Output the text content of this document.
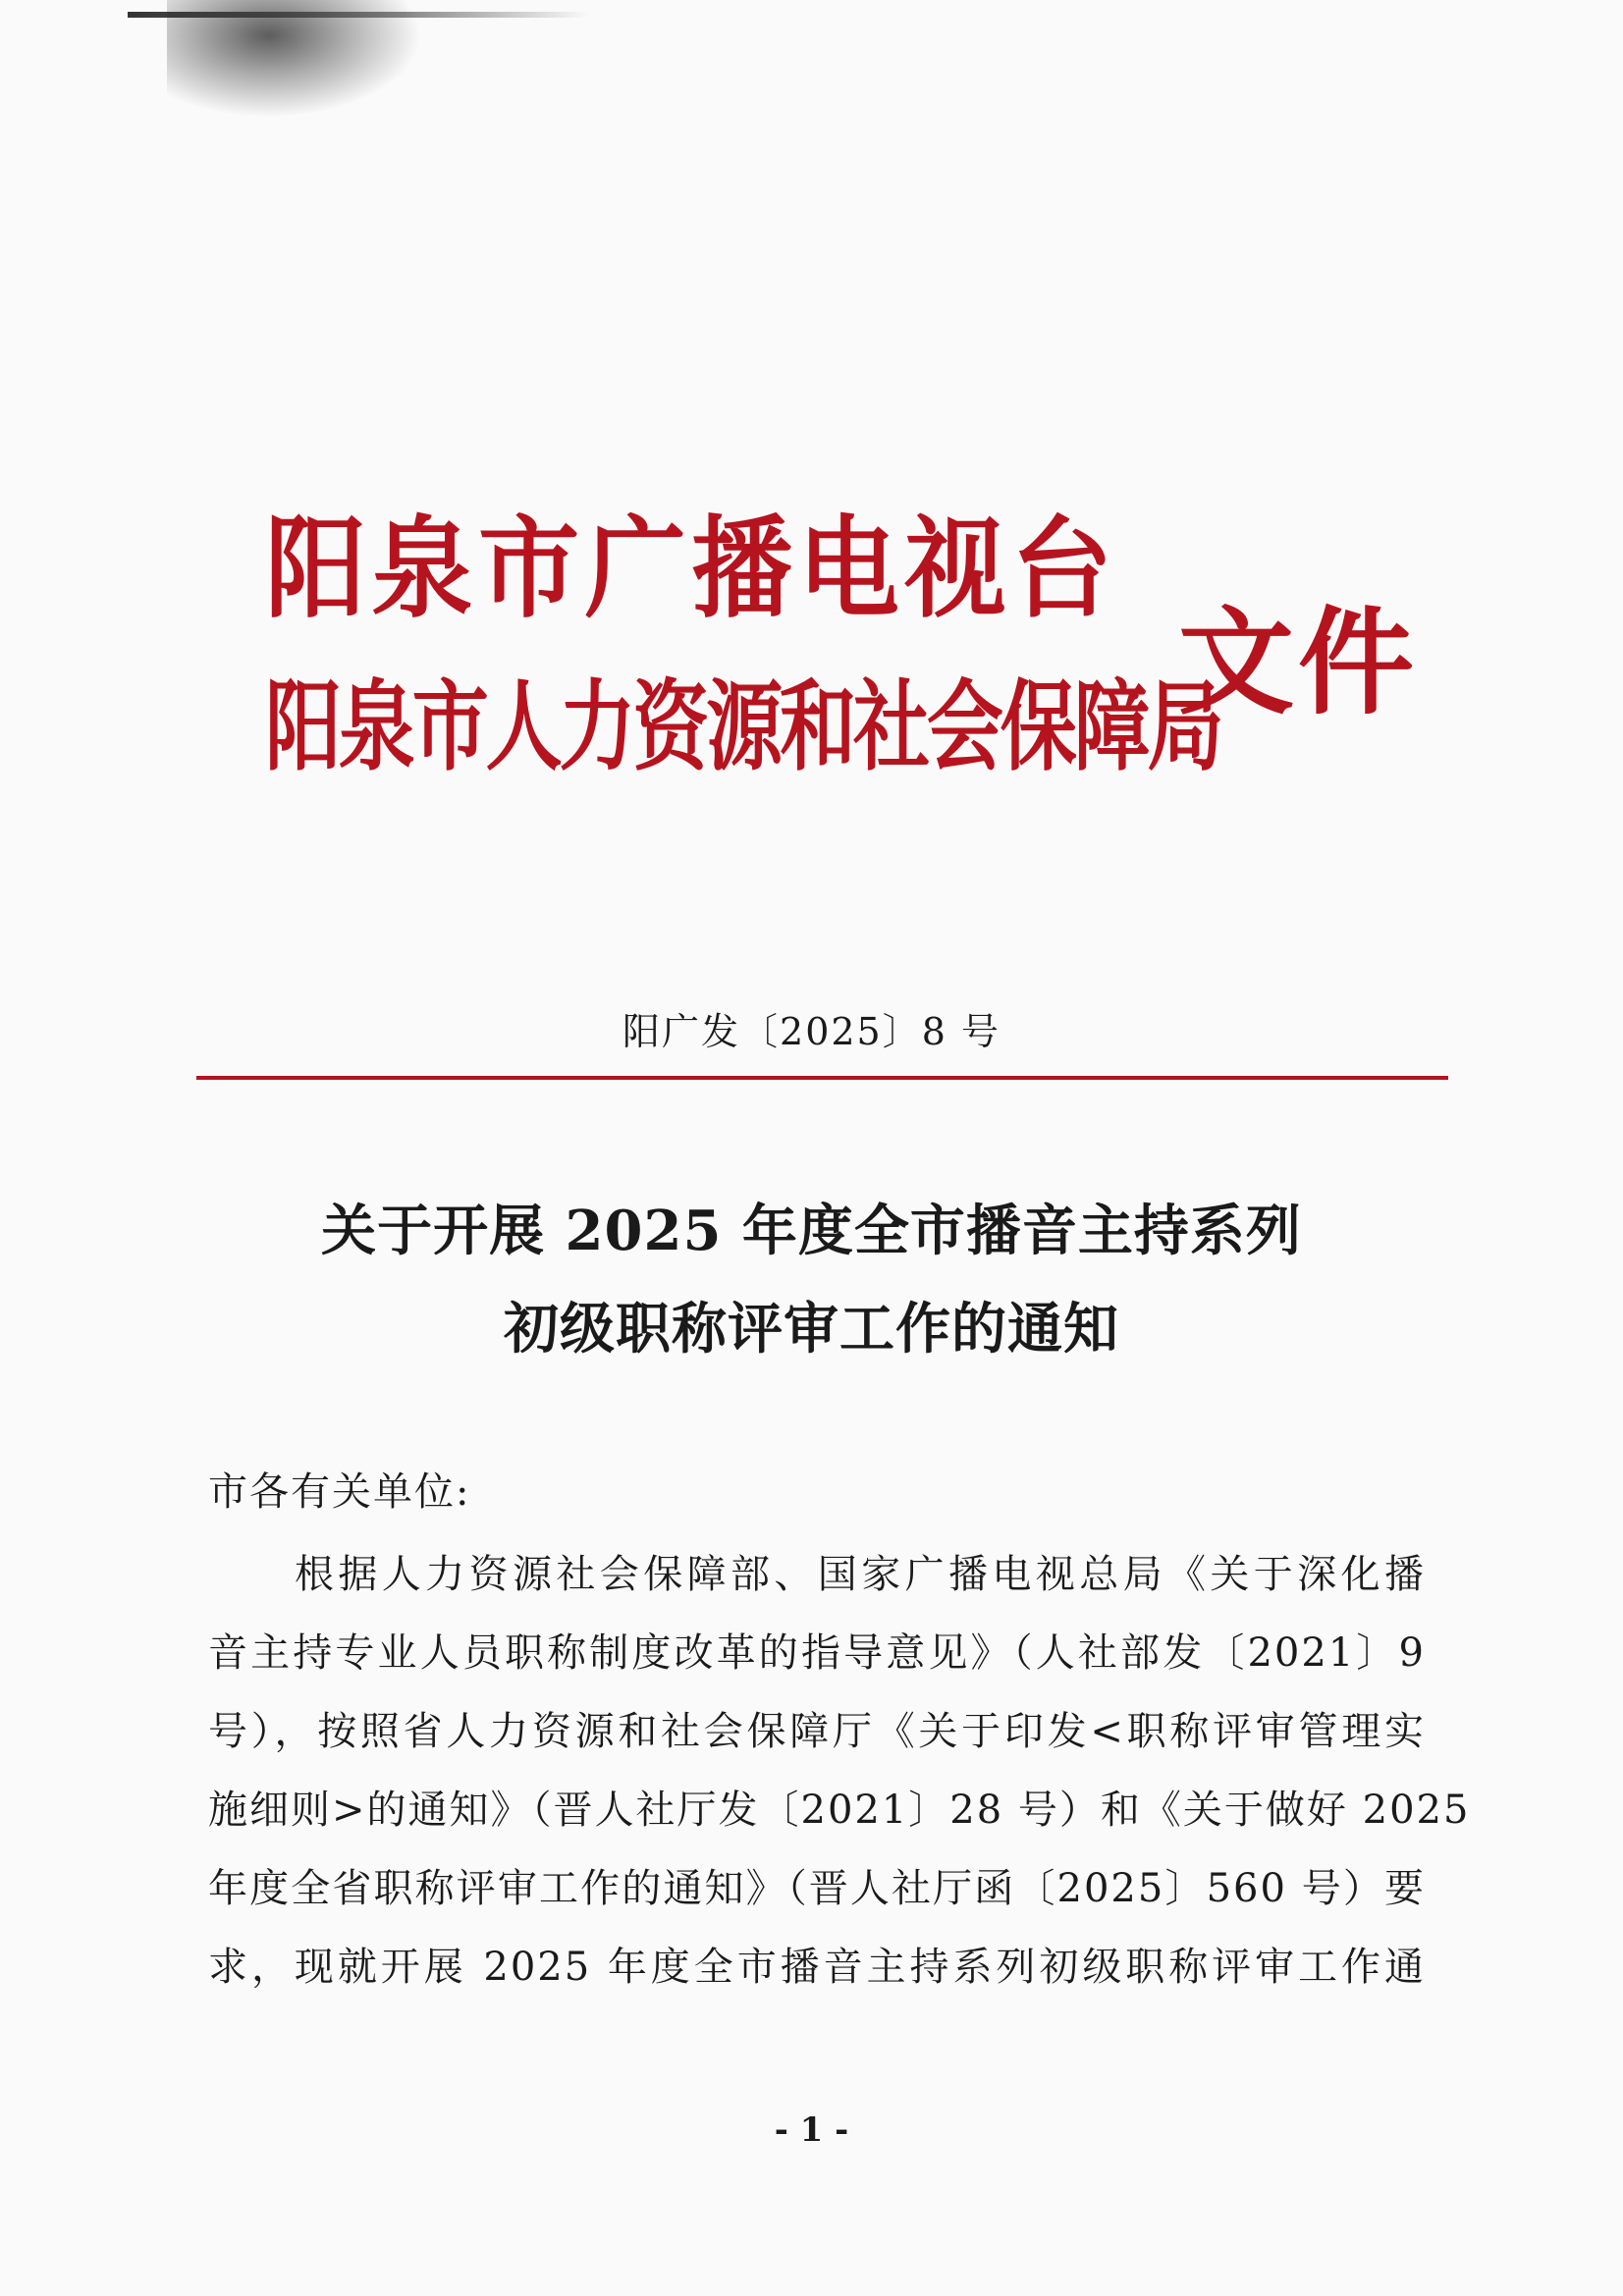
阳泉市广播电视台
阳泉市人力资源和社会保障局
文件
阳广发〔2025〕8 号
关于开展 2025 年度全市播音主持系列
初级职称评审工作的通知
市各有关单位:
根据人力资源社会保障部、国家广播电视总局《关于深化播
音主持专业人员职称制度改革的指导意见》（人社部发〔2021〕9
号），按照省人力资源和社会保障厅《关于印发<职称评审管理实
施细则>的通知》（晋人社厅发〔2021〕28 号）和《关于做好 2025
年度全省职称评审工作的通知》（晋人社厅函〔2025〕560 号）要
求，现就开展 2025 年度全市播音主持系列初级职称评审工作通
- 1 -
